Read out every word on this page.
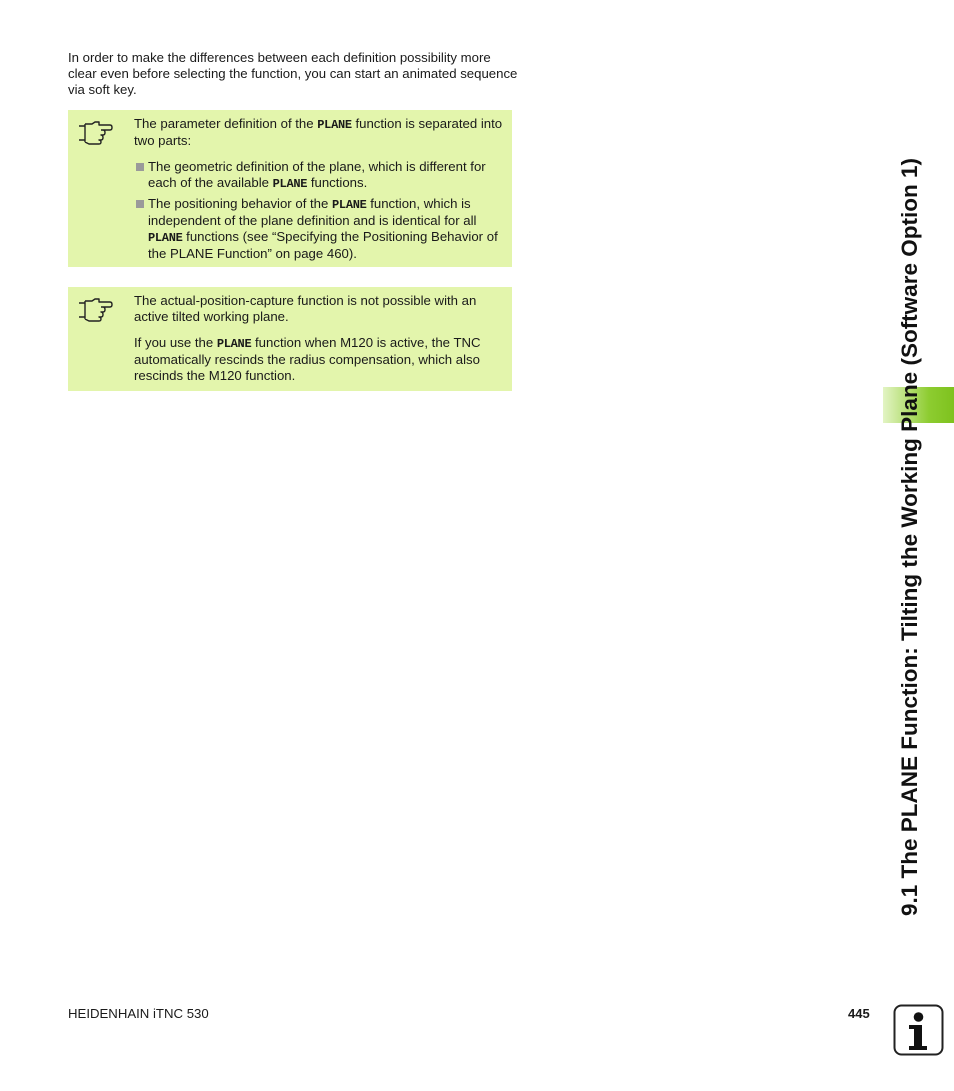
In order to make the differences between each definition possibility more clear even before selecting the function, you can start an animated sequence via soft key.

The parameter definition of the PLANE function is separated into two parts:

The geometric definition of the plane, which is different for each of the available PLANE functions.
The positioning behavior of the PLANE function, which is independent of the plane definition and is identical for all PLANE functions (see “Specifying the Positioning Behavior of the PLANE Function” on page 460).

The actual-position-capture function is not possible with an active tilted working plane.

If you use the PLANE function when M120 is active, the TNC automatically rescinds the radius compensation, which also rescinds the M120 function.	9.1 The PLANE Function: Tilting the Working Plane (Software Option 1)
HEIDENHAIN iTNC 530	445
